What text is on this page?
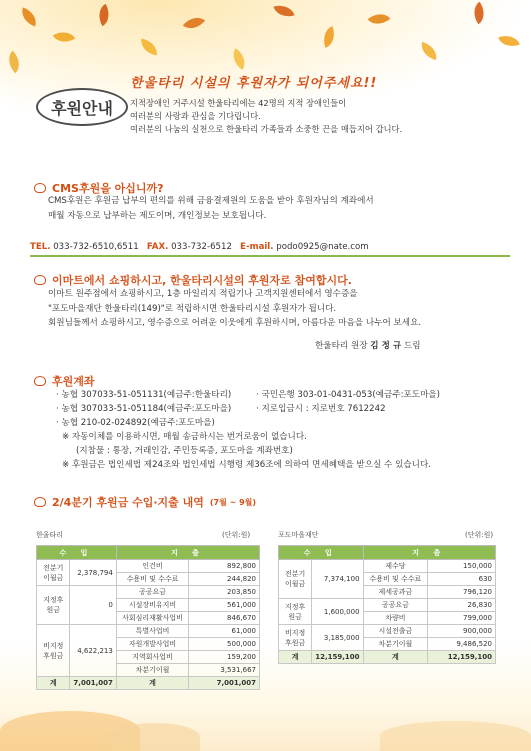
후원안내
한울타리 시설의 후원자가 되어주세요!!
지적장애인 거주시설 한울타리에는 42명의 지적 장애인들이
여러분의 사랑과 관심을 기다립니다.
여러분의 나눔의 실천으로 한울타리 가족들과 소중한 끈을 매듭지어 갑니다.
CMS후원을 아십니까?
CMS후원은 후원금 납부의 편의를 위해 금융결제원의 도움을 받아 후원자님의 계좌에서
매월 자동으로 납부하는 제도이며, 개인정보는 보호됩니다.
TEL. 033-732-6510,6511 FAX. 033-732-6512 E-mail. podo0925@nate.com
이마트에서 쇼핑하시고, 한울타리시설의 후원자로 참여합시다.
이마트 원주점에서 쇼핑하시고, 1층 마일리지 적립기나 고객지원센터에서 영수증을
"포도마을재단 한울타리(149)"로 적립하시면 한울타리시설 후원자가 됩니다.
회원님들께서 쇼핑하시고, 영수증으로 어려운 이웃에게 후원하시며, 아름다운 마음을 나누어 보세요.
한울타리 원장 김 정 규 드림
후원계좌
· 농협 307033-51-051131(예금주:한울타리)
· 농협 307033-51-051184(예금주:포도마을)
· 농협 210-02-024892(예금주:포도마을)
· 국민은행 303-01-0431-053(예금주:포도마을)
· 지로입금시 : 지로번호 7612242
※ 자동이체를 이용하시면, 매월 송금하시는 번거로움이 없습니다.
(지참물 : 통장, 거래인감, 주민등록증, 포도마을 계좌번호)
※ 후원금은 법인세법 제24조와 법인세법 시행령 제36조에 의하여 면세혜택을 받으실 수 있습니다.
2/4분기 후원금 수입·지출 내역 (7월 ~ 9월)
한울타리	(단위:원)	포도마을재단	(단위:원)
수 입		지 출	
전분기이월금	2,378,794	인건비	892,800
		수용비 및 수수료	244,820
지정후원금	0	공공요금	203,850
		시설장비유지비	561,000
		사회심리재활사업비	846,670
비지정후원금	4,622,213	특별사업비	61,000
		자원개발사업비	500,000
		지역회사업비	159,200
		차분기이월	3,531,667
계	7,001,007	계	7,001,007
수 입		지 출	
전분기이월금	7,374,100	제수당	150,000
		수용비 및 수수료	630
		제세공과금	796,120
지정후원금	1,600,000	공공요금	26,830
		차량비	799,000
비지정후원금	3,185,000	시설전출금	900,000
		차분기이월	9,486,520
계	12,159,100	계	12,159,100
